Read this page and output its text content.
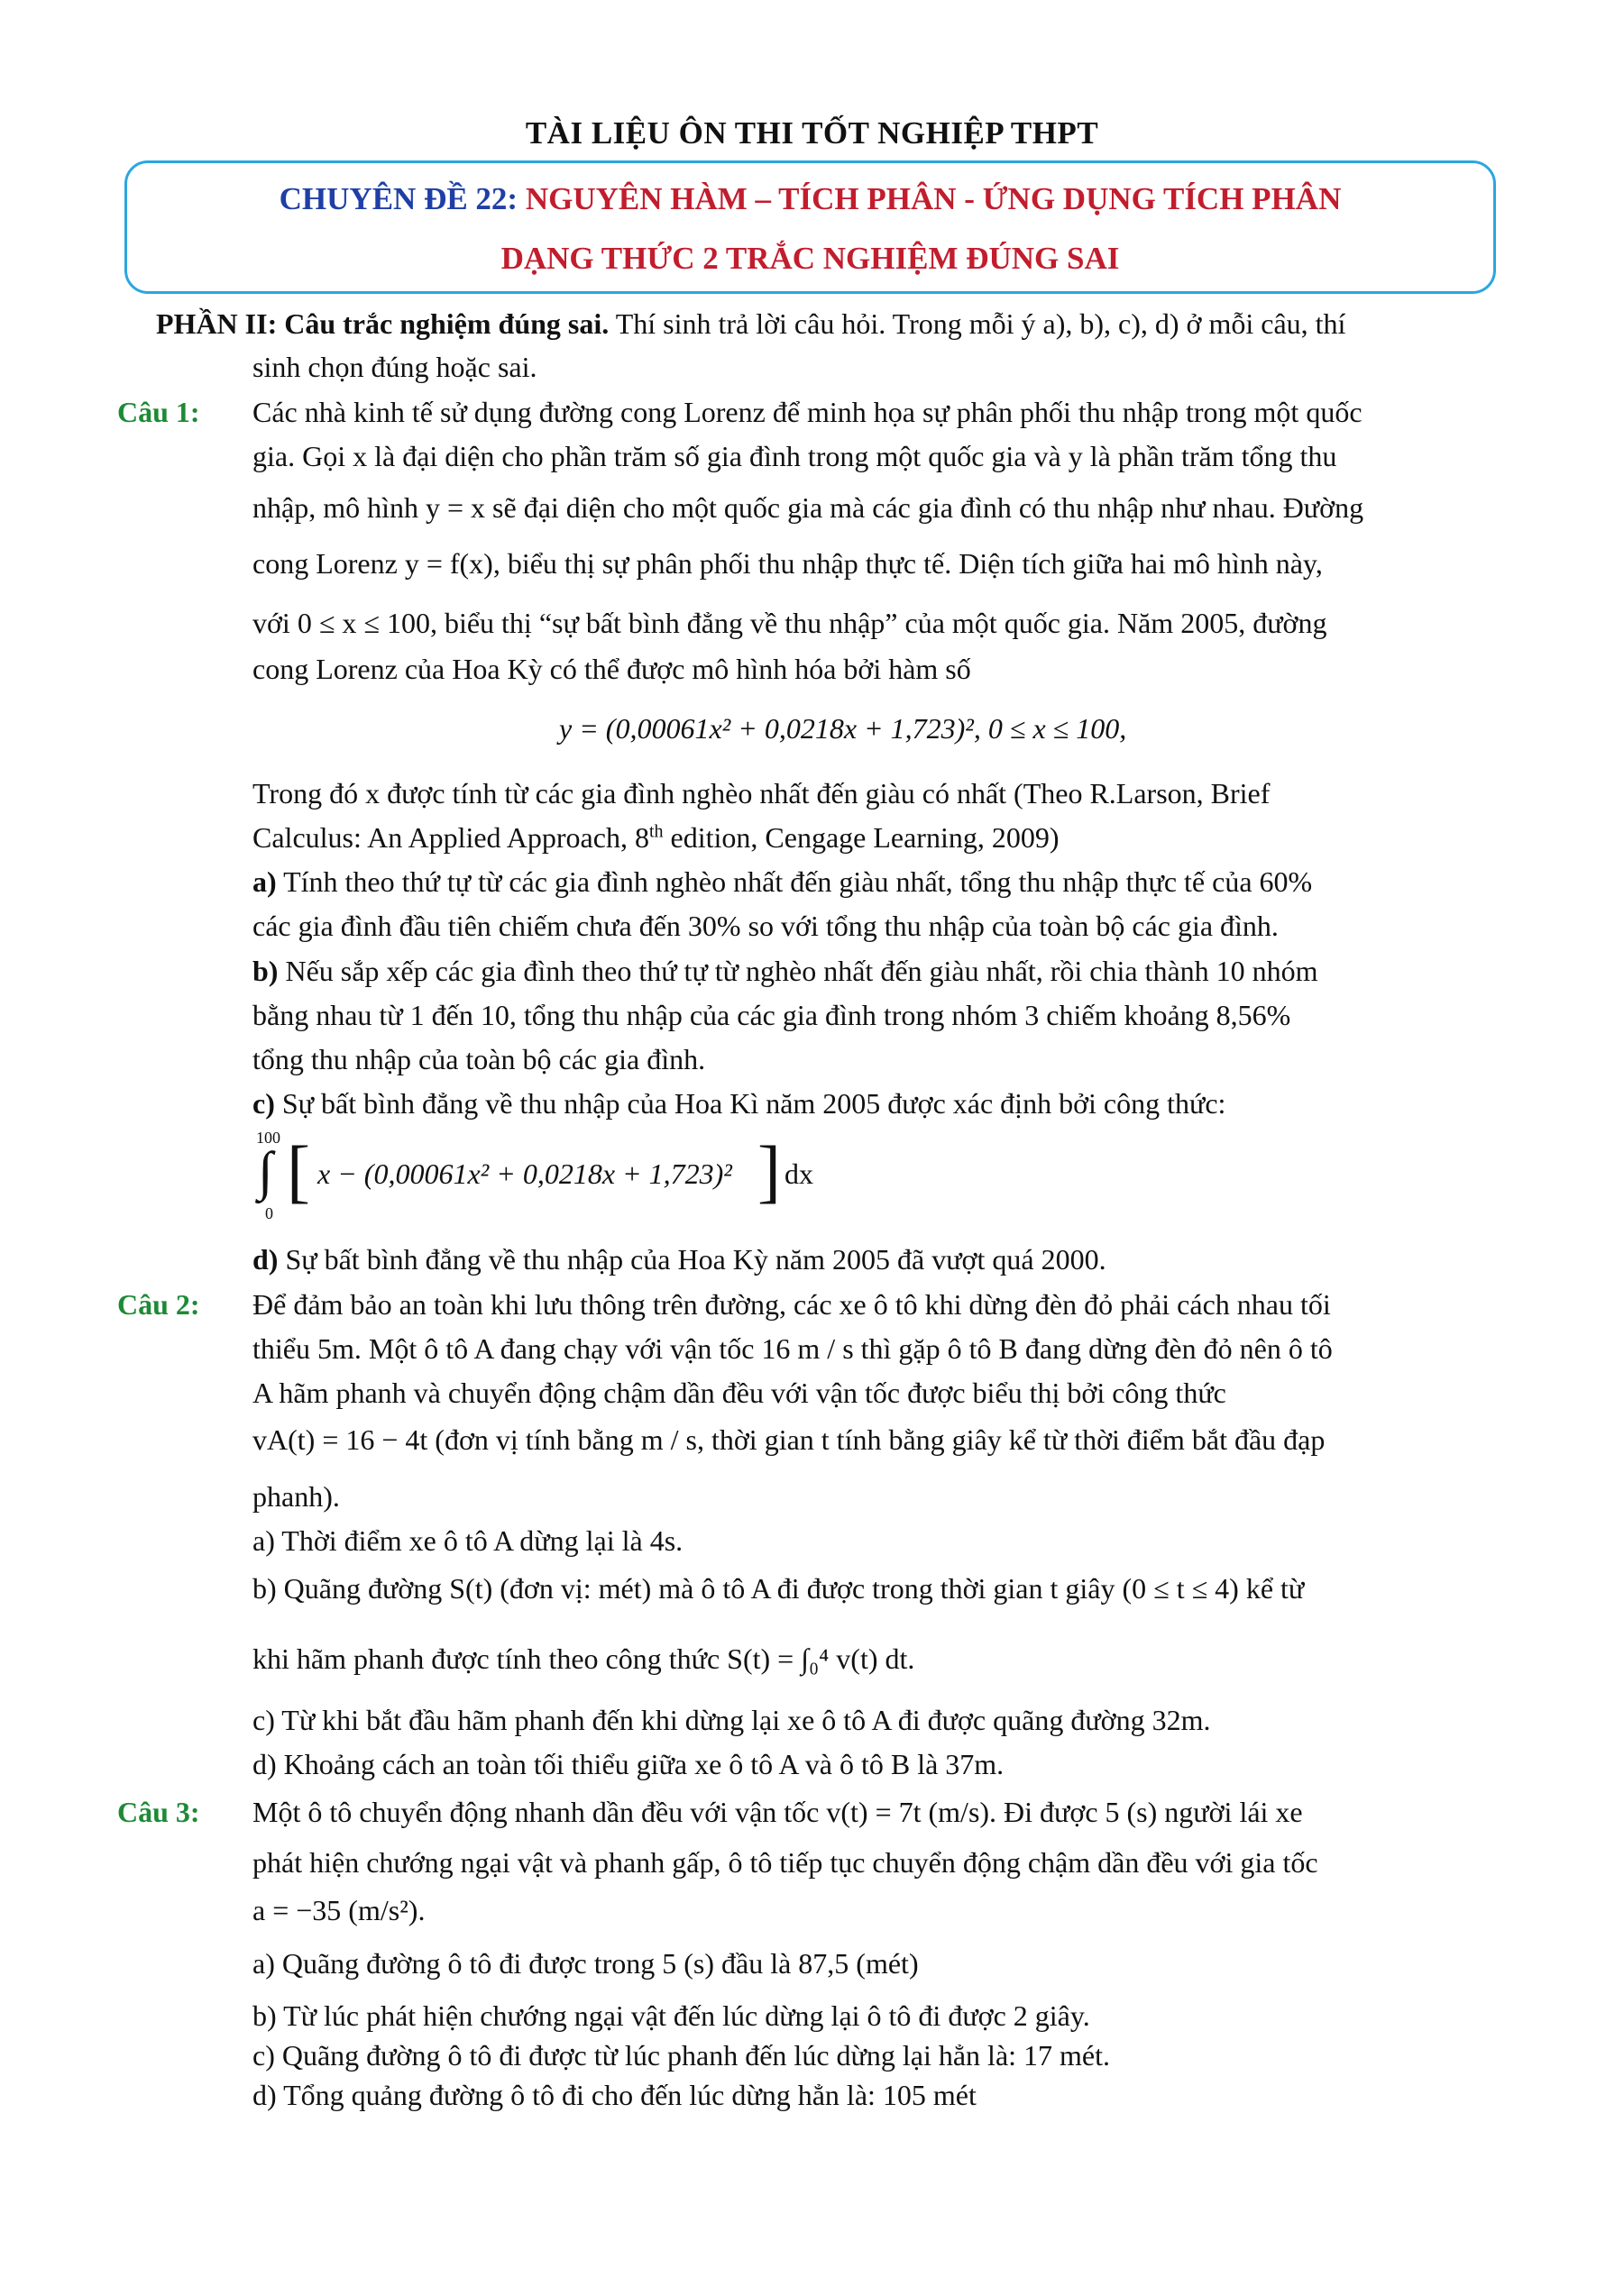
TÀI LIỆU ÔN THI TỐT NGHIỆP THPT
CHUYÊN ĐỀ 22: NGUYÊN HÀM – TÍCH PHÂN - ỨNG DỤNG TÍCH PHÂN
DẠNG THỨC 2 TRẮC NGHIỆM ĐÚNG SAI
PHẦN II: Câu trắc nghiệm đúng sai. Thí sinh trả lời câu hỏi. Trong mỗi ý a), b), c), d) ở mỗi câu, thí
sinh chọn đúng hoặc sai.
Câu 1: Các nhà kinh tế sử dụng đường cong Lorenz để minh họa sự phân phối thu nhập trong một quốc
gia. Gọi x là đại diện cho phần trăm số gia đình trong một quốc gia và y là phần trăm tổng thu
nhập, mô hình y = x sẽ đại diện cho một quốc gia mà các gia đình có thu nhập như nhau. Đường
cong Lorenz y = f(x), biểu thị sự phân phối thu nhập thực tế. Diện tích giữa hai mô hình này,
với 0 ≤ x ≤ 100, biểu thị “sự bất bình đẳng về thu nhập” của một quốc gia. Năm 2005, đường
cong Lorenz của Hoa Kỳ có thể được mô hình hóa bởi hàm số
y = (0,00061x² + 0,0218x + 1,723)², 0 ≤ x ≤ 100,
Trong đó x được tính từ các gia đình nghèo nhất đến giàu có nhất (Theo R.Larson, Brief
Calculus: An Applied Approach, 8th edition, Cengage Learning, 2009)
a) Tính theo thứ tự từ các gia đình nghèo nhất đến giàu nhất, tổng thu nhập thực tế của 60%
các gia đình đầu tiên chiếm chưa đến 30% so với tổng thu nhập của toàn bộ các gia đình.
b) Nếu sắp xếp các gia đình theo thứ tự từ nghèo nhất đến giàu nhất, rồi chia thành 10 nhóm
bằng nhau từ 1 đến 10, tổng thu nhập của các gia đình trong nhóm 3 chiếm khoảng 8,56%
tổng thu nhập của toàn bộ các gia đình.
c) Sự bất bình đẳng về thu nhập của Hoa Kì năm 2005 được xác định bởi công thức:
100
∫
0
[ x − (0,00061x² + 0,0218x + 1,723)² ] dx
d) Sự bất bình đẳng về thu nhập của Hoa Kỳ năm 2005 đã vượt quá 2000.
Câu 2: Để đảm bảo an toàn khi lưu thông trên đường, các xe ô tô khi dừng đèn đỏ phải cách nhau tối
thiểu 5m. Một ô tô A đang chạy với vận tốc 16 m / s thì gặp ô tô B đang dừng đèn đỏ nên ô tô
A hãm phanh và chuyển động chậm dần đều với vận tốc được biểu thị bởi công thức
vA(t) = 16 − 4t (đơn vị tính bằng m / s, thời gian t tính bằng giây kể từ thời điểm bắt đầu đạp
phanh).
a) Thời điểm xe ô tô A dừng lại là 4s.
b) Quãng đường S(t) (đơn vị: mét) mà ô tô A đi được trong thời gian t giây (0 ≤ t ≤ 4) kể từ
khi hãm phanh được tính theo công thức S(t) = ∫₀⁴ v(t) dt.
c) Từ khi bắt đầu hãm phanh đến khi dừng lại xe ô tô A đi được quãng đường 32m.
d) Khoảng cách an toàn tối thiểu giữa xe ô tô A và ô tô B là 37m.
Câu 3: Một ô tô chuyển động nhanh dần đều với vận tốc v(t) = 7t (m/s). Đi được 5 (s) người lái xe
phát hiện chướng ngại vật và phanh gấp, ô tô tiếp tục chuyển động chậm dần đều với gia tốc
a = −35 (m/s²).
a) Quãng đường ô tô đi được trong 5 (s) đầu là 87,5 (mét)
b) Từ lúc phát hiện chướng ngại vật đến lúc dừng lại ô tô đi được 2 giây.
c) Quãng đường ô tô đi được từ lúc phanh đến lúc dừng lại hẳn là: 17 mét.
d) Tổng quảng đường ô tô đi cho đến lúc dừng hẳn là: 105 mét
